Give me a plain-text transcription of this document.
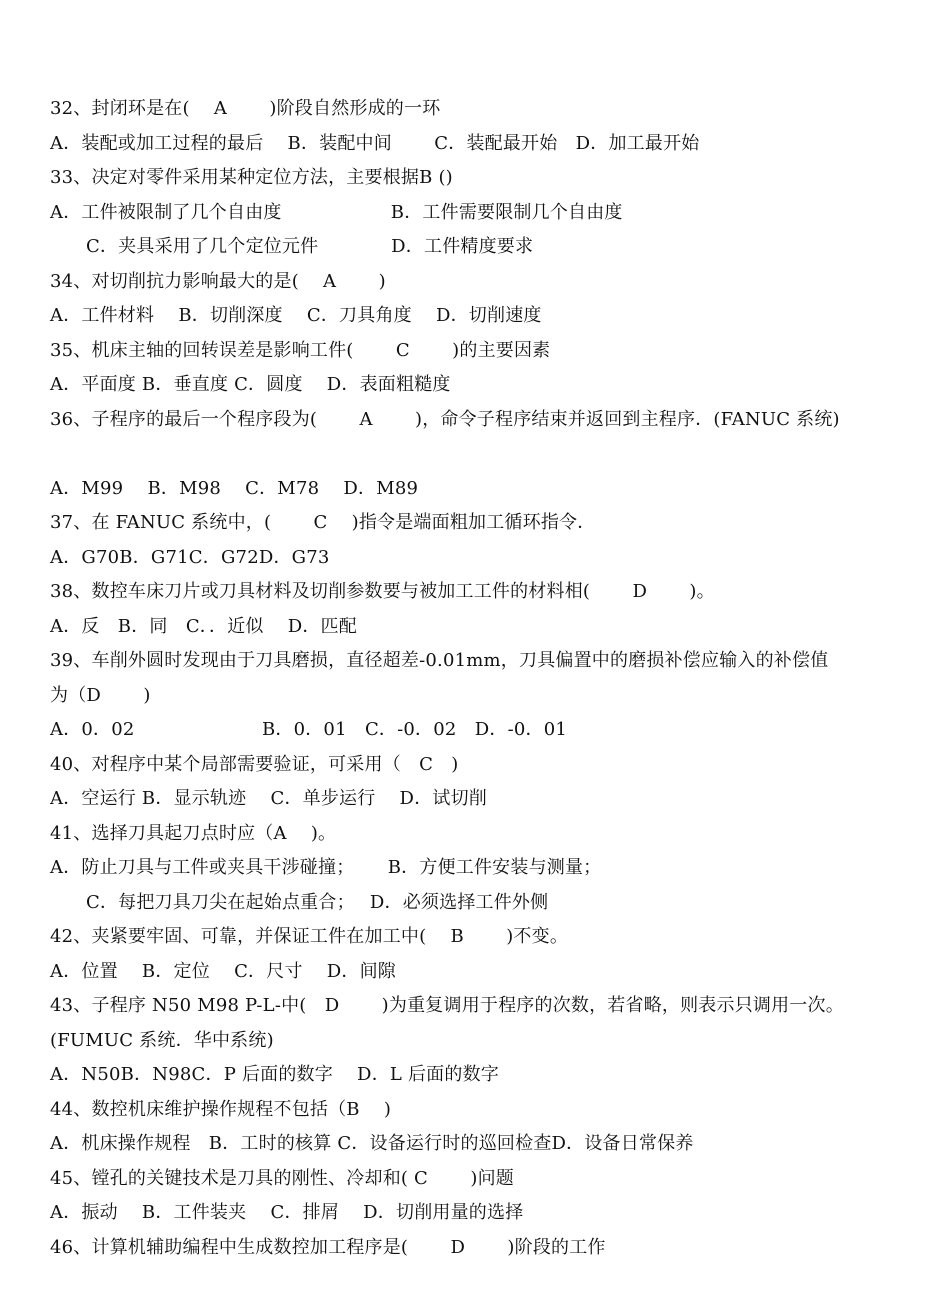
32、封闭环是在(　 A　 　)阶段自然形成的一环
A．装配或加工过程的最后　 B．装配中间　 　C．装配最开始　D．加工最开始
33、决定对零件采用某种定位方法，主要根据B ()
A．工件被限制了几个自由度　　　　　　B．工件需要限制几个自由度
C．夹具采用了几个定位元件　　　　D．工件精度要求
34、对切削抗力影响最大的是(　 A　 　)
A．工件材料　 B．切削深度　 C．刀具角度　 D．切削速度
35、机床主轴的回转误差是影响工件(　 　C　 　)的主要因素
A．平面度 B．垂直度 C．圆度　 D．表面粗糙度
36、子程序的最后一个程序段为(　 　A　 　)，命令子程序结束并返回到主程序．(FANUC 系统)
A．M99　 B．M98　 C．M78　 D．M89
37、在 FANUC 系统中，(　 　C　 )指令是端面粗加工循环指令．
A．G70B．G71C．G72D．G73
38、数控车床刀片或刀具材料及切削参数要与被加工工件的材料相(　 　D　 　)。
A．反　B．同　C．．近似　 D．匹配
39、车削外圆时发现由于刀具磨损，直径超差-0.01mm，刀具偏置中的磨损补偿应输入的补偿值
为（D　 　)
A．0．02　　　　　　　B．0．01　C．-0．02　D．-0．01
40、对程序中某个局部需要验证，可采用（　C　)
A．空运行 B．显示轨迹　 C．单步运行　 D．试切削
41、选择刀具起刀点时应（A　 )。
A．防止刀具与工件或夹具干涉碰撞；　 　B．方便工件安装与测量；
C．每把刀具刀尖在起始点重合；　 D．必须选择工件外侧
42、夹紧要牢固、可靠，并保证工件在加工中(　 B　 　)不变。
A．位置　 B．定位　 C．尺寸　 D．间隙
43、子程序 N50 M98 P-L-中(　D　 　)为重复调用于程序的次数，若省略，则表示只调用一次。
(FUMUC 系统．华中系统)
A．N50B．N98C．P 后面的数字　 D．L 后面的数字
44、数控机床维护操作规程不包括（B　 )
A．机床操作规程　B．工时的核算 C．设备运行时的巡回检查D．设备日常保养
45、镗孔的关键技术是刀具的刚性、冷却和( C　 　)问题
A．振动　 B．工件装夹　 C．排屑　 D．切削用量的选择
46、计算机辅助编程中生成数控加工程序是(　 　D　 　)阶段的工作
